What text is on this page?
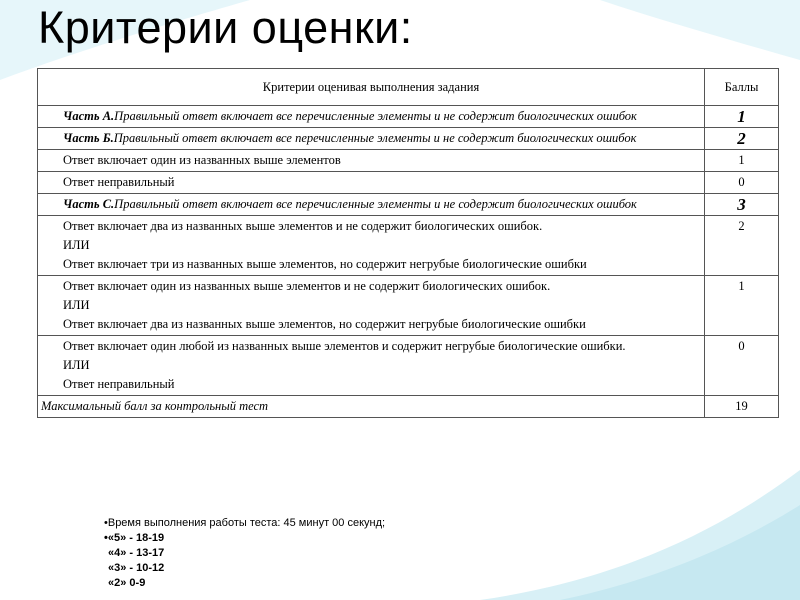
Критерии оценки:
Критерии оценивая выполнения задания	Баллы
Часть А.Правильный ответ включает все перечисленные элементы и не содержит биологических ошибок	1
Часть Б.Правильный ответ включает все перечисленные элементы и не содержит биологических ошибок	2
Ответ включает один из названных выше элементов	1
Ответ неправильный	0
Часть С.Правильный ответ включает все перечисленные элементы и не содержит биологических ошибок	3
Ответ включает два из названных выше элементов и не содержит биологических ошибок.
ИЛИ
Ответ включает три из названных выше элементов, но содержит негрубые биологические ошибки	2
Ответ включает один из названных выше элементов и не содержит биологических ошибок.
ИЛИ
Ответ включает два из названных выше элементов, но содержит негрубые биологические ошибки	1
Ответ включает один любой из названных выше элементов и содержит негрубые биологические ошибки.
ИЛИ
Ответ неправильный	0
Максимальный балл за контрольный тест	19
•Время выполнения работы теста: 45 минут 00 секунд;
•«5» - 18-19
«4» - 13-17
«3» - 10-12
«2» 0-9
